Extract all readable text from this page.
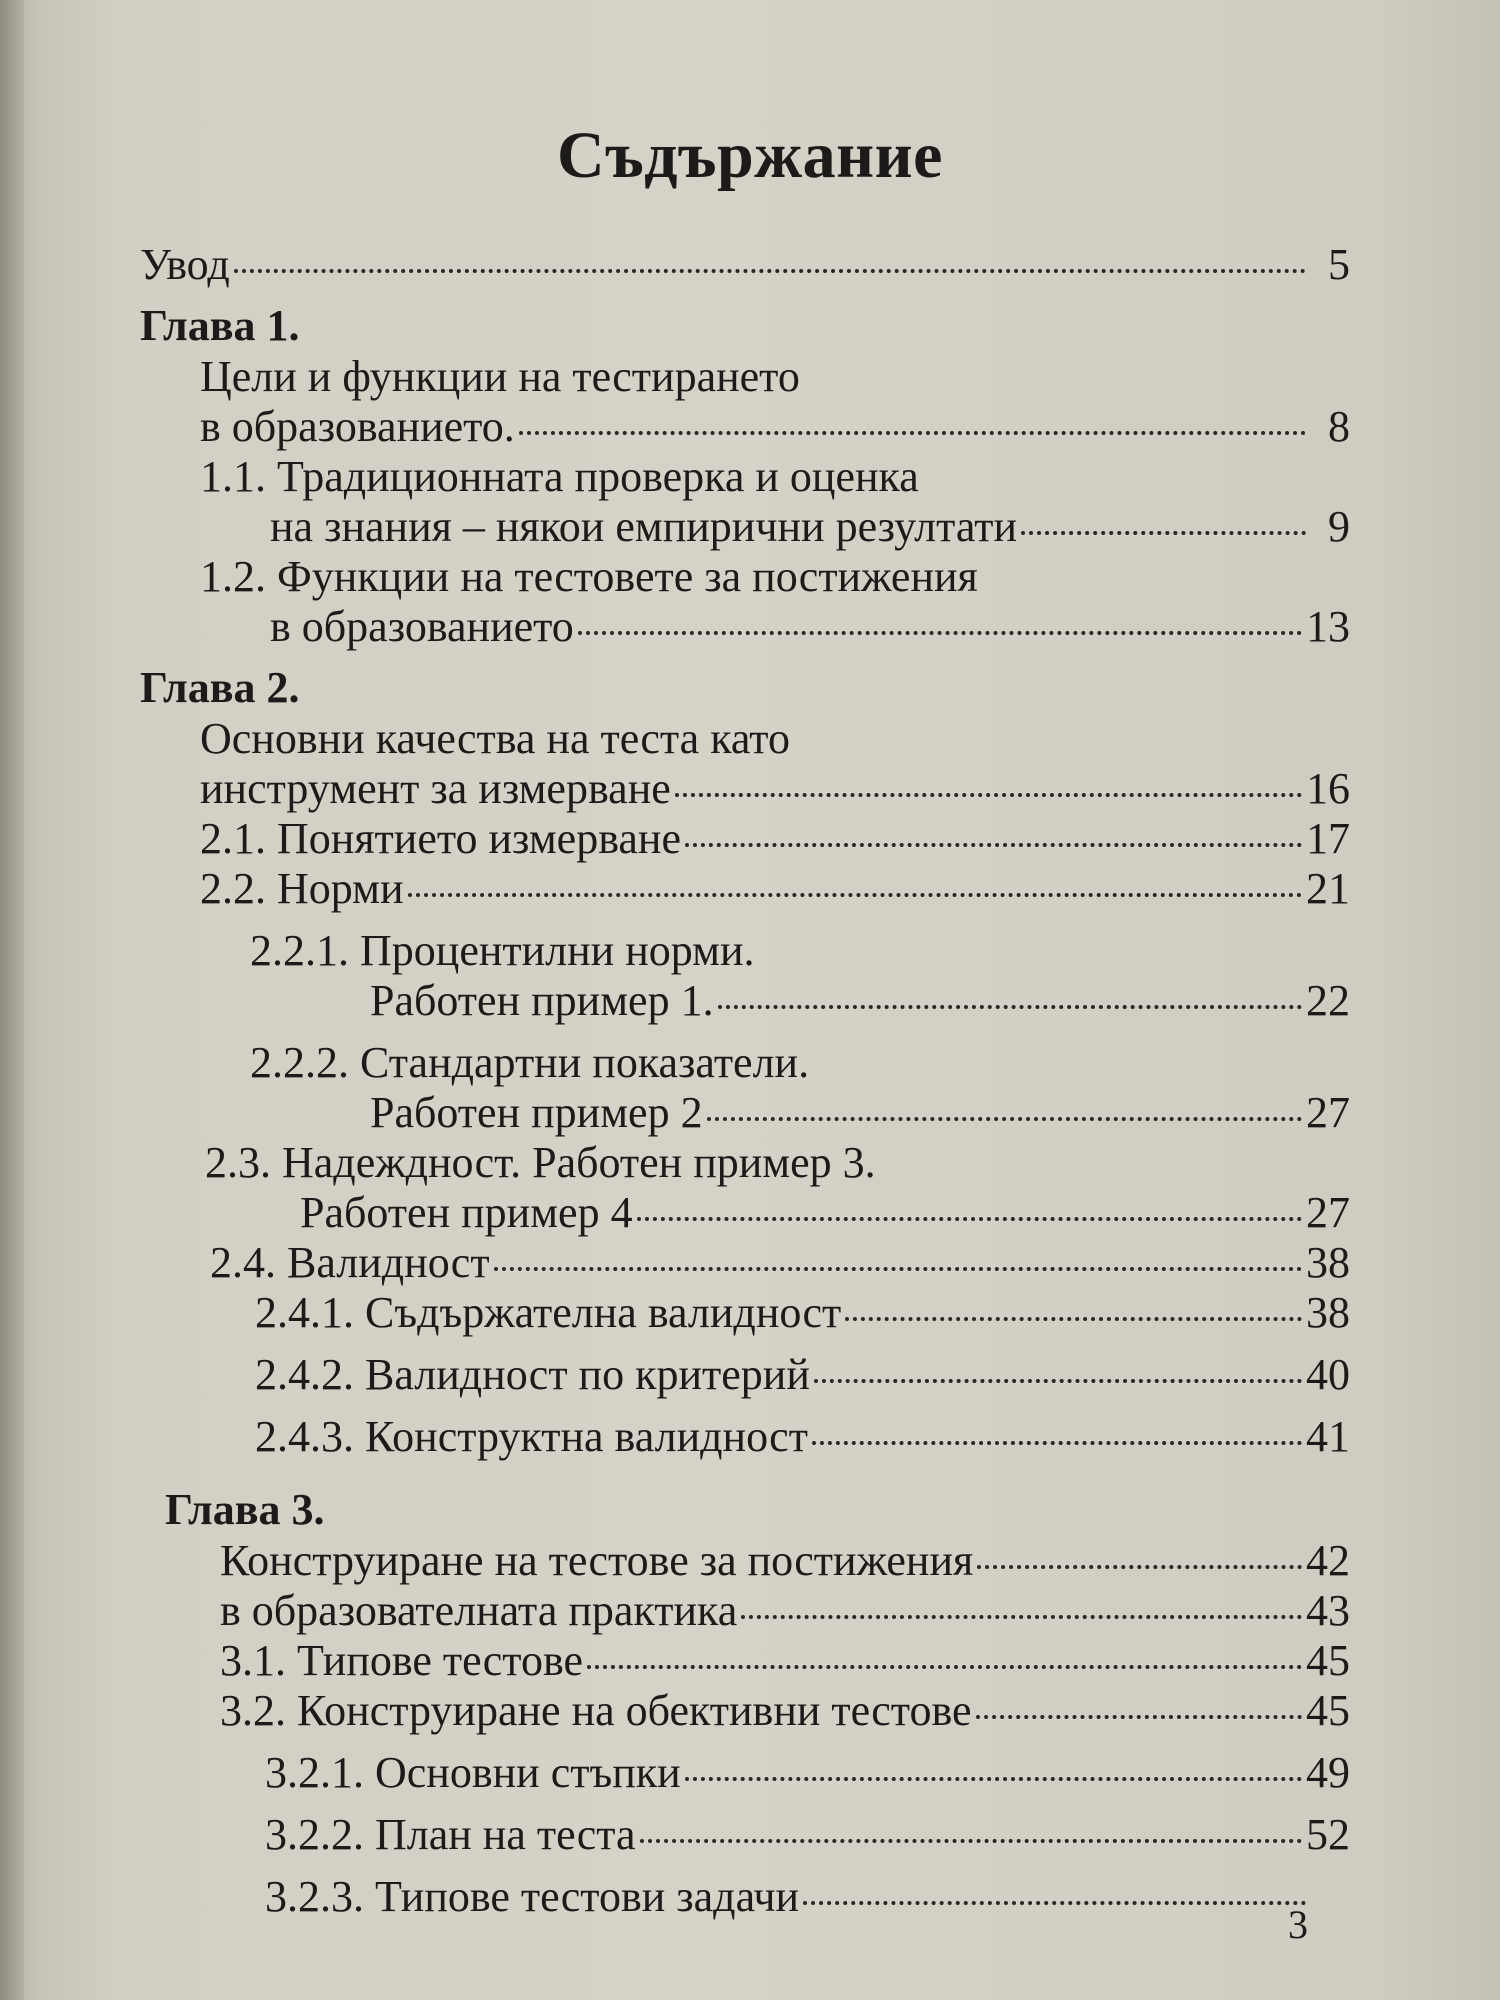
Съдържание
Увод	5
Глава 1.
Цели и функции на тестирането
в образованието.	8
1.1. Традиционната проверка и оценка
на знания – някои емпирични резултати	9
1.2. Функции на тестовете за постижения
в образованието	13
Глава 2.
Основни качества на теста като
инструмент за измерване	16
2.1. Понятието измерване	17
2.2. Норми	21
2.2.1. Процентилни норми.
Работен пример 1.	22
2.2.2. Стандартни показатели.
Работен пример 2	27
2.3. Надеждност. Работен пример 3.
Работен пример 4	27
2.4. Валидност	38
2.4.1. Съдържателна валидност	38
2.4.2. Валидност по критерий	40
2.4.3. Конструктна валидност	41
Глава 3.
Конструиране на тестове за постижения	42
в образователната практика	43
3.1. Типове тестове	45
3.2. Конструиране на обективни тестове	45
3.2.1. Основни стъпки	49
3.2.2. План на теста	52
3.2.3. Типове тестови задачи
3
